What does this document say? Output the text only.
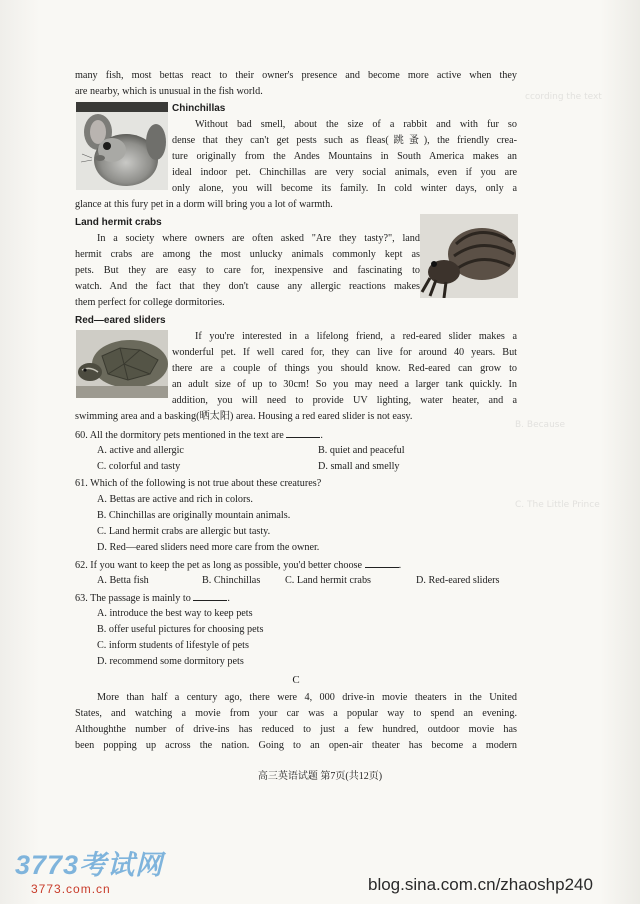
ccording the text
B. Because
C. The Little Prince
many fish, most bettas react to their owner's presence and become more active when they
are nearby, which is unusual in the fish world.
Chinchillas
Without bad smell, about the size of a rabbit and with fur so
dense that they can't get pests such as fleas(跳蚤), the friendly crea-
ture originally from the Andes Mountains in South America makes an
ideal indoor pet. Chinchillas are very social animals, even if you are
only alone, you will become its family. In cold winter days, only a
glance at this fury pet in a dorm will bring you a lot of warmth.
Land hermit crabs
In a society where owners are often asked "Are they tasty?", land
hermit crabs are among the most unlucky animals commonly kept as
pets. But they are easy to care for, inexpensive and fascinating to
watch. And the fact that they don't cause any allergic reactions makes
them perfect for college dormitories.
Red—eared sliders
If you're interested in a lifelong friend, a red-eared slider makes a
wonderful pet. If well cared for, they can live for around 40 years. But
there are a couple of things you should know. Red-eared can grow to
an adult size of up to 30cm! So you may need a larger tank quickly. In
addition, you will need to provide UV lighting, water heater, and a
swimming area and a basking(晒太阳) area. Housing a red eared slider is not easy.
60. All the dormitory pets mentioned in the text are	.
A. active and allergic	B. quiet and peaceful
C. colorful and tasty	D. small and smelly
61. Which of the following is not true about these creatures?
A. Bettas are active and rich in colors.
B. Chinchillas are originally mountain animals.
C. Land hermit crabs are allergic but tasty.
D. Red—eared sliders need more care from the owner.
62. If you want to keep the pet as long as possible, you'd better choose	.
A. Betta fish	B. Chinchillas C. Land hermit crabs	D. Red-eared sliders
63. The passage is mainly to	.
A. introduce the best way to keep pets
B. offer useful pictures for choosing pets
C. inform students of lifestyle of pets
D. recommend some dormitory pets
C
More than half a century ago, there were 4, 000 drive-in movie theaters in the United
States, and watching a movie from your car was a popular way to spend an evening.
Althoughthe number of drive-ins has reduced to just a few hundred, outdoor movie has
been popping up across the nation. Going to an open-air theater has become a modern
高三英语试题 第7页(共12页)
3773考试网
3773.com.cn	blog.sina.com.cn/zhaoshp240
